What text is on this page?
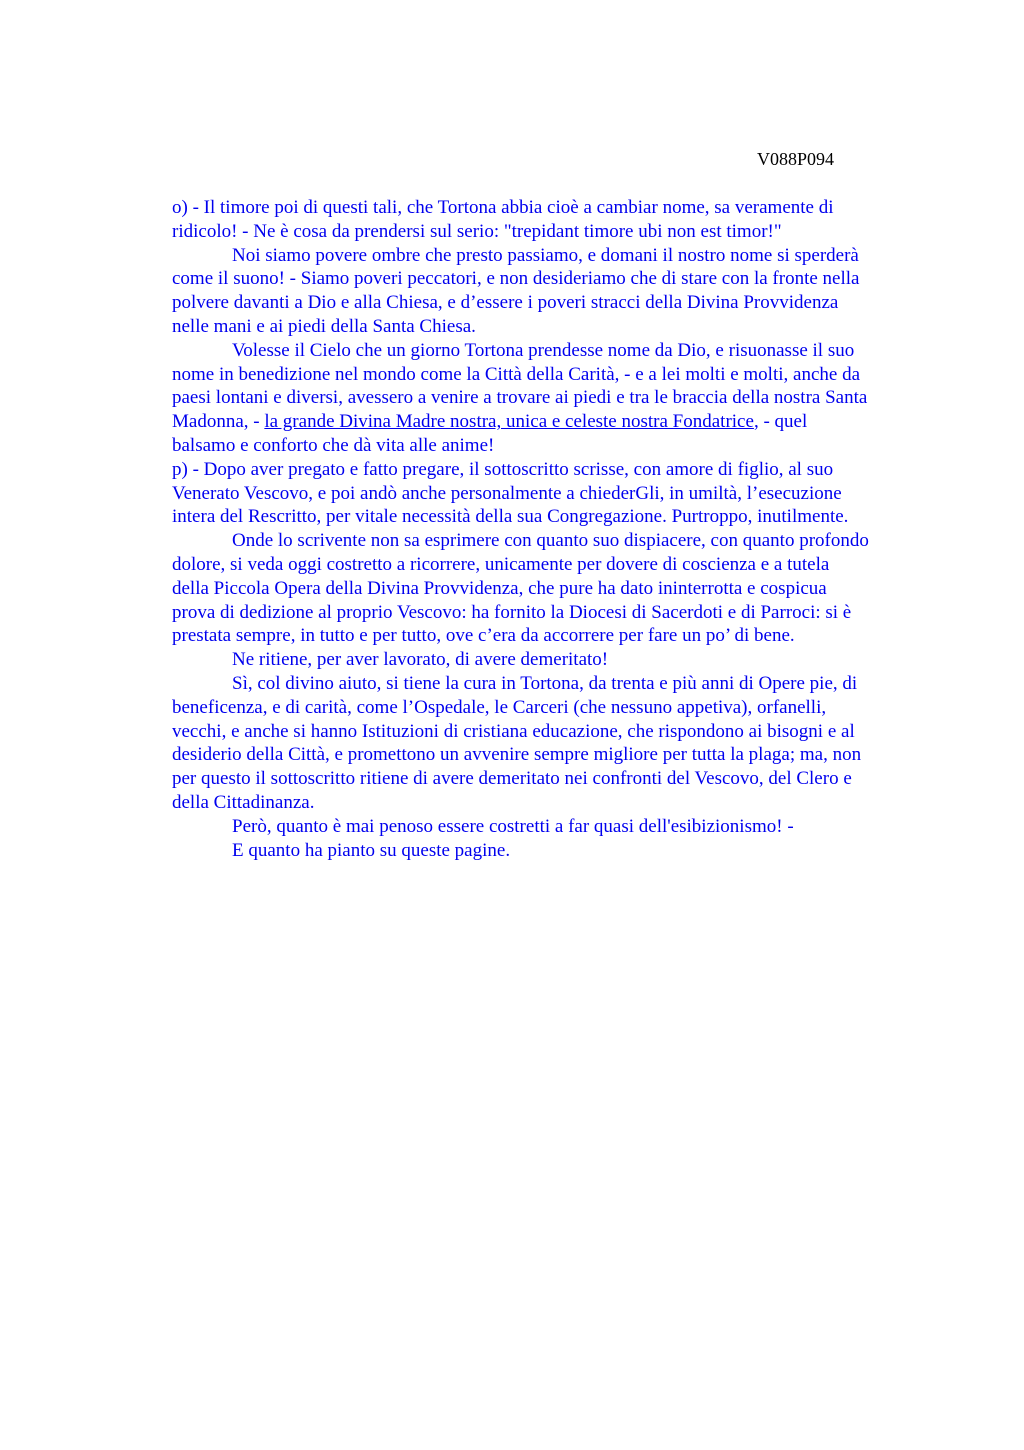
V088P094

o) - Il timore poi di questi tali, che Tortona abbia cioè a cambiar nome, sa veramente di
ridicolo! - Ne è cosa da prendersi sul serio: "trepidant timore ubi non est timor!"

Noi siamo povere ombre che presto passiamo, e domani il nostro nome si sperderà
come il suono! - Siamo poveri peccatori, e non desideriamo che di stare con la fronte nella
polvere davanti a Dio e alla Chiesa, e d’essere i poveri stracci della Divina Provvidenza
nelle mani e ai piedi della Santa Chiesa.

Volesse il Cielo che un giorno Tortona prendesse nome da Dio, e risuonasse il suo
nome in benedizione nel mondo come la Città della Carità, - e a lei molti e molti, anche da
paesi lontani e diversi, avessero a venire a trovare ai piedi e tra le braccia della nostra Santa
Madonna, - la grande Divina Madre nostra, unica e celeste nostra Fondatrice, - quel
balsamo e conforto che dà vita alle anime!

p) - Dopo aver pregato e fatto pregare, il sottoscritto scrisse, con amore di figlio, al suo
Venerato Vescovo, e poi andò anche personalmente a chiederGli, in umiltà, l’esecuzione
intera del Rescritto, per vitale necessità della sua Congregazione. Purtroppo, inutilmente.

Onde lo scrivente non sa esprimere con quanto suo dispiacere, con quanto profondo
dolore, si veda oggi costretto a ricorrere, unicamente per dovere di coscienza e a tutela
della Piccola Opera della Divina Provvidenza, che pure ha dato ininterrotta e cospicua
prova di dedizione al proprio Vescovo: ha fornito la Diocesi di Sacerdoti e di Parroci: si è
prestata sempre, in tutto e per tutto, ove c’era da accorrere per fare un po’ di bene.

Ne ritiene, per aver lavorato, di avere demeritato!

Sì, col divino aiuto, si tiene la cura in Tortona, da trenta e più anni di Opere pie, di
beneficenza, e di carità, come l’Ospedale, le Carceri (che nessuno appetiva), orfanelli,
vecchi, e anche si hanno Istituzioni di cristiana educazione, che rispondono ai bisogni e al
desiderio della Città, e promettono un avvenire sempre migliore per tutta la plaga; ma, non
per questo il sottoscritto ritiene di avere demeritato nei confronti del Vescovo, del Clero e
della Cittadinanza.

Però, quanto è mai penoso essere costretti a far quasi dell'esibizionismo! -

E quanto ha pianto su queste pagine.
